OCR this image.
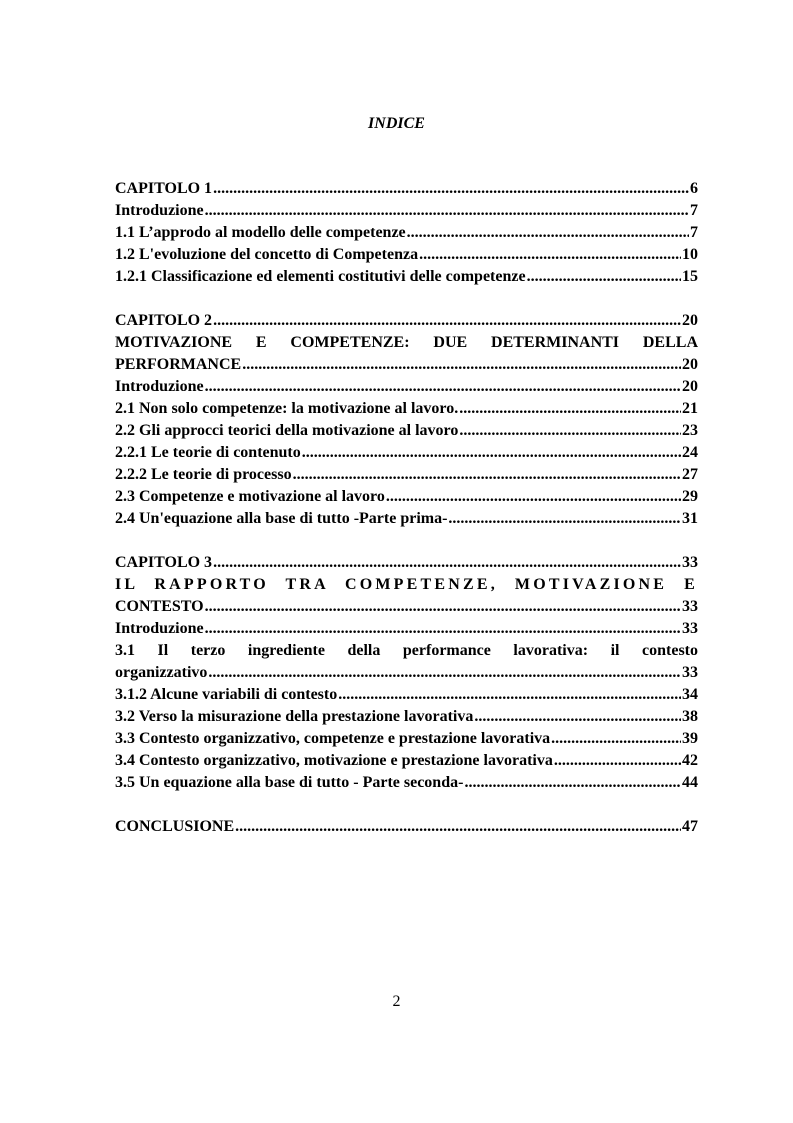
INDICE
CAPITOLO 1 .....	6
Introduzione .....	7
1.1 L’approdo al modello delle competenze .....	7
1.2 L'evoluzione del concetto di Competenza .....	10
1.2.1 Classificazione ed elementi costitutivi delle competenze .....	15
CAPITOLO 2 .....	20
MOTIVAZIONE E COMPETENZE: DUE DETERMINANTI DELLA
PERFORMANCE .....	20
Introduzione .....	20
2.1 Non solo competenze: la motivazione al lavoro. .....	21
2.2 Gli approcci teorici della motivazione al lavoro .....	23
2.2.1 Le teorie di contenuto .....	24
2.2.2 Le teorie di processo .....	27
2.3 Competenze e motivazione al lavoro .....	29
2.4 Un'equazione alla base di tutto -Parte prima- .....	31
CAPITOLO 3 .....	33
IL RAPPORTO TRA COMPETENZE, MOTIVAZIONE E
CONTESTO .....	33
Introduzione .....	33
3.1 Il terzo ingrediente della performance lavorativa: il contesto
organizzativo .....	33
3.1.2 Alcune variabili di contesto .....	34
3.2 Verso la misurazione della prestazione lavorativa .....	38
3.3 Contesto organizzativo, competenze e prestazione lavorativa .....	39
3.4 Contesto organizzativo, motivazione e prestazione lavorativa .....	42
3.5 Un equazione alla base di tutto - Parte seconda- .....	44
CONCLUSIONE .....	47
2
